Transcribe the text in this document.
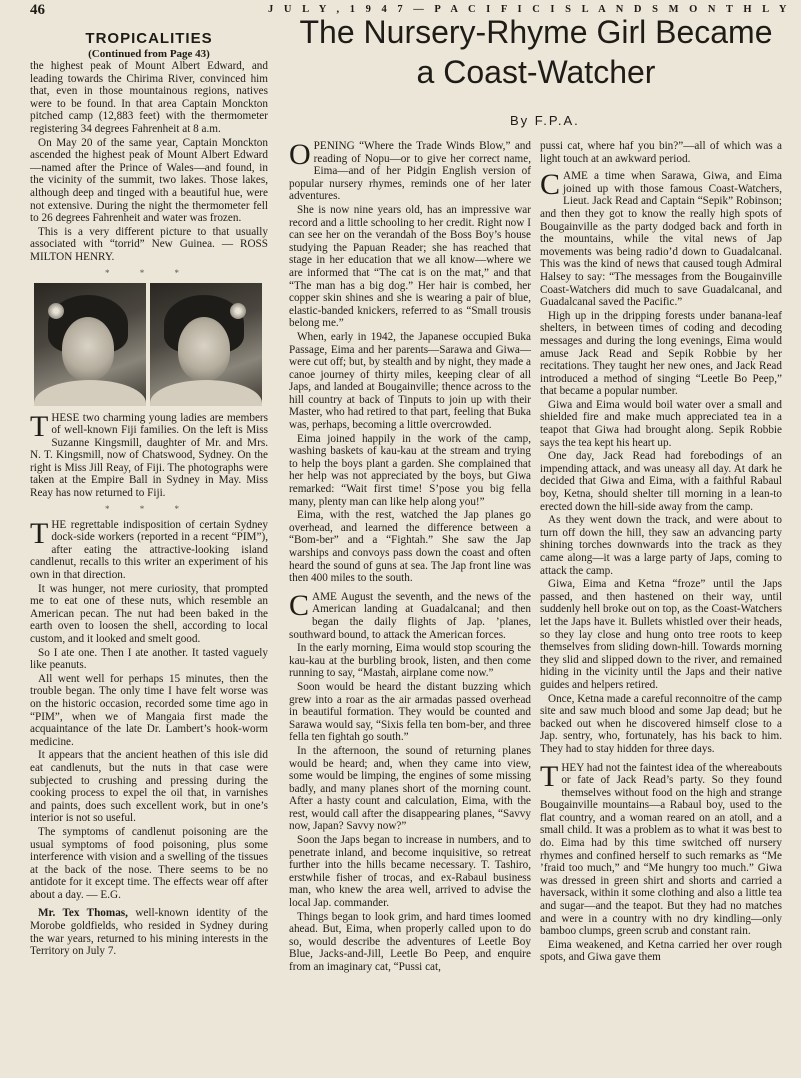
46	J U L Y , 1 9 4 7 — P A C I F I C I S L A N D S M O N T H L Y
The Nursery-Rhyme Girl Became a Coast-Watcher
By F.P.A.
TROPICALITIES
(Continued from Page 43)

the highest peak of Mount Albert Edward, and leading towards the Chirima River, convinced him that, even in those mountainous regions, natives were to be found. In that area Captain Monckton pitched camp (12,883 feet) with the thermometer registering 34 degrees Fahrenheit at 8 a.m.

On May 20 of the same year, Captain Monckton ascended the highest peak of Mount Albert Edward—named after the Prince of Wales—and found, in the vicinity of the summit, two lakes. Those lakes, although deep and tinged with a beautiful hue, were not extensive. During the night the thermometer fell to 26 degrees Fahrenheit and water was frozen.

This is a very different picture to that usually associated with “torrid” New Guinea. — ROSS MILTON HENRY.

* * *

THESE two charming young ladies are members of well-known Fiji families. On the left is Miss Suzanne Kingsmill, daughter of Mr. and Mrs. N. T. Kingsmill, now of Chatswood, Sydney. On the right is Miss Jill Reay, of Fiji. The photographs were taken at the Empire Ball in Sydney in May. Miss Reay has now returned to Fiji.

* * *

THE regrettable indisposition of certain Sydney dock-side workers (reported in a recent “PIM”), after eating the attractive-looking island candlenut, recalls to this writer an experiment of his own in that direction.

It was hunger, not mere curiosity, that prompted me to eat one of these nuts, which resemble an American pecan. The nut had been baked in the earth oven to loosen the shell, according to local custom, and it looked and smelt good.

So I ate one. Then I ate another. It tasted vaguely like peanuts.

All went well for perhaps 15 minutes, then the trouble began. The only time I have felt worse was on the historic occasion, recorded some time ago in “PIM”, when we of Mangaia first made the acquaintance of the late Dr. Lambert’s hook-worm medicine.

It appears that the ancient heathen of this isle did eat candlenuts, but the nuts in that case were subjected to crushing and pressing during the cooking process to expel the oil that, in varnishes and paints, does such excellent work, but in one’s interior is not so useful.

The symptoms of candlenut poisoning are the usual symptoms of food poisoning, plus some interference with vision and a swelling of the tissues at the back of the nose. There seems to be no antidote for it except time. The effects wear off after about a day. — E.G.

Mr. Tex Thomas, well-known identity of the Morobe goldfields, who resided in Sydney during the war years, returned to his mining interests in the Territory on July 7.

OPENING “Where the Trade Winds Blow,” and reading of Nopu—or to give her correct name, Eima—and of her Pidgin English version of popular nursery rhymes, reminds one of her later adventures.

She is now nine years old, has an impressive war record and a little schooling to her credit. Right now I can see her on the verandah of the Boss Boy’s house studying the Papuan Reader; she has reached that stage in her education that we all know—where we are informed that “The cat is on the mat,” and that “The man has a big dog.” Her hair is combed, her copper skin shines and she is wearing a pair of blue, elastic-banded knickers, referred to as “Small trousis belong me.”

When, early in 1942, the Japanese occupied Buka Passage, Eima and her parents—Sarawa and Giwa—were cut off; but, by stealth and by night, they made a canoe journey of thirty miles, keeping clear of all Japs, and landed at Bougainville; thence across to the hill country at back of Tinputs to join up with their Master, who had retired to that part, feeling that Buka was, perhaps, becoming a little overcrowded.

Eima joined happily in the work of the camp, washing baskets of kau-kau at the stream and trying to help the boys plant a garden. She complained that her help was not appreciated by the boys, but Giwa remarked: “Wait first time! S’pose you big fella many, plenty man can like help along you!”

Eima, with the rest, watched the Jap planes go overhead, and learned the difference between a “Bom-ber” and a “Fightah.” She saw the Jap warships and convoys pass down the coast and often heard the sound of guns at sea. The Jap front line was then 400 miles to the south.

CAME August the seventh, and the news of the American landing at Guadalcanal; and then began the daily flights of Jap. ’planes, southward bound, to attack the American forces.

In the early morning, Eima would stop scouring the kau-kau at the burbling brook, listen, and then come running to say, “Mastah, airplane come now.”

Soon would be heard the distant buzzing which grew into a roar as the air armadas passed overhead in beautiful formation. They would be counted and Sarawa would say, “Sixis fella ten bom-ber, and three fella ten fightah go south.”

In the afternoon, the sound of returning planes would be heard; and, when they came into view, some would be limping, the engines of some missing badly, and many planes short of the morning count. After a hasty count and calculation, Eima, with the rest, would call after the disappearing planes, “Savvy now, Japan? Savvy now?”

Soon the Japs began to increase in numbers, and to penetrate inland, and become inquisitive, so retreat further into the hills became necessary. T. Tashiro, erstwhile fisher of trocas, and ex-Rabaul business man, who knew the area well, arrived to advise the local Jap. commander.

Things began to look grim, and hard times loomed ahead. But, Eima, when properly called upon to do so, would describe the adventures of Leetle Boy Blue, Jacks-and-Jill, Leetle Bo Peep, and enquire from an imaginary cat, “Pussi cat,

pussi cat, where haf you bin?”—all of which was a light touch at an awkward period.

CAME a time when Sarawa, Giwa, and Eima joined up with those famous Coast-Watchers, Lieut. Jack Read and Captain “Sepik” Robinson; and then they got to know the really high spots of Bougainville as the party dodged back and forth in the mountains, while the vital news of Jap movements was being radio’d down to Guadalcanal. This was the kind of news that caused tough Admiral Halsey to say: “The messages from the Bougainville Coast-Watchers did much to save Guadalcanal, and Guadalcanal saved the Pacific.”

High up in the dripping forests under banana-leaf shelters, in between times of coding and decoding messages and during the long evenings, Eima would amuse Jack Read and Sepik Robbie by her recitations. They taught her new ones, and Jack Read introduced a method of singing “Leetle Bo Peep,” that became a popular number.

Giwa and Eima would boil water over a small and shielded fire and make much appreciated tea in a teapot that Giwa had brought along. Sepik Robbie says the tea kept his heart up.

One day, Jack Read had forebodings of an impending attack, and was uneasy all day. At dark he decided that Giwa and Eima, with a faithful Rabaul boy, Ketna, should shelter till morning in a lean-to erected down the hill-side away from the camp.

As they went down the track, and were about to turn off down the hill, they saw an advancing party shining torches downwards into the track as they came along—it was a large party of Japs, coming to attack the camp.

Giwa, Eima and Ketna “froze” until the Japs passed, and then hastened on their way, until suddenly hell broke out on top, as the Coast-Watchers let the Japs have it. Bullets whistled over their heads, so they lay close and hung onto tree roots to keep themselves from sliding down-hill. Towards morning they slid and slipped down to the river, and remained hiding in the vicinity until the Japs and their native guides and helpers retired.

Once, Ketna made a careful reconnoitre of the camp site and saw much blood and some Jap dead; but he backed out when he discovered himself close to a Jap. sentry, who, fortunately, has his back to him. They had to stay hidden for three days.

THEY had not the faintest idea of the whereabouts or fate of Jack Read’s party. So they found themselves without food on the high and strange Bougainville mountains—a Rabaul boy, used to the flat country, and a woman reared on an atoll, and a small child. It was a problem as to what it was best to do. Eima had by this time switched off nursery rhymes and confined herself to such remarks as “Me ’fraid too much,” and “Me hungry too much.” Giwa was dressed in green shirt and shorts and carried a haversack, within it some clothing and also a little tea and sugar—and the teapot. But they had no matches and were in a country with no dry kindling—only bamboo clumps, green scrub and constant rain.

Eima weakened, and Ketna carried her over rough spots, and Giwa gave them
